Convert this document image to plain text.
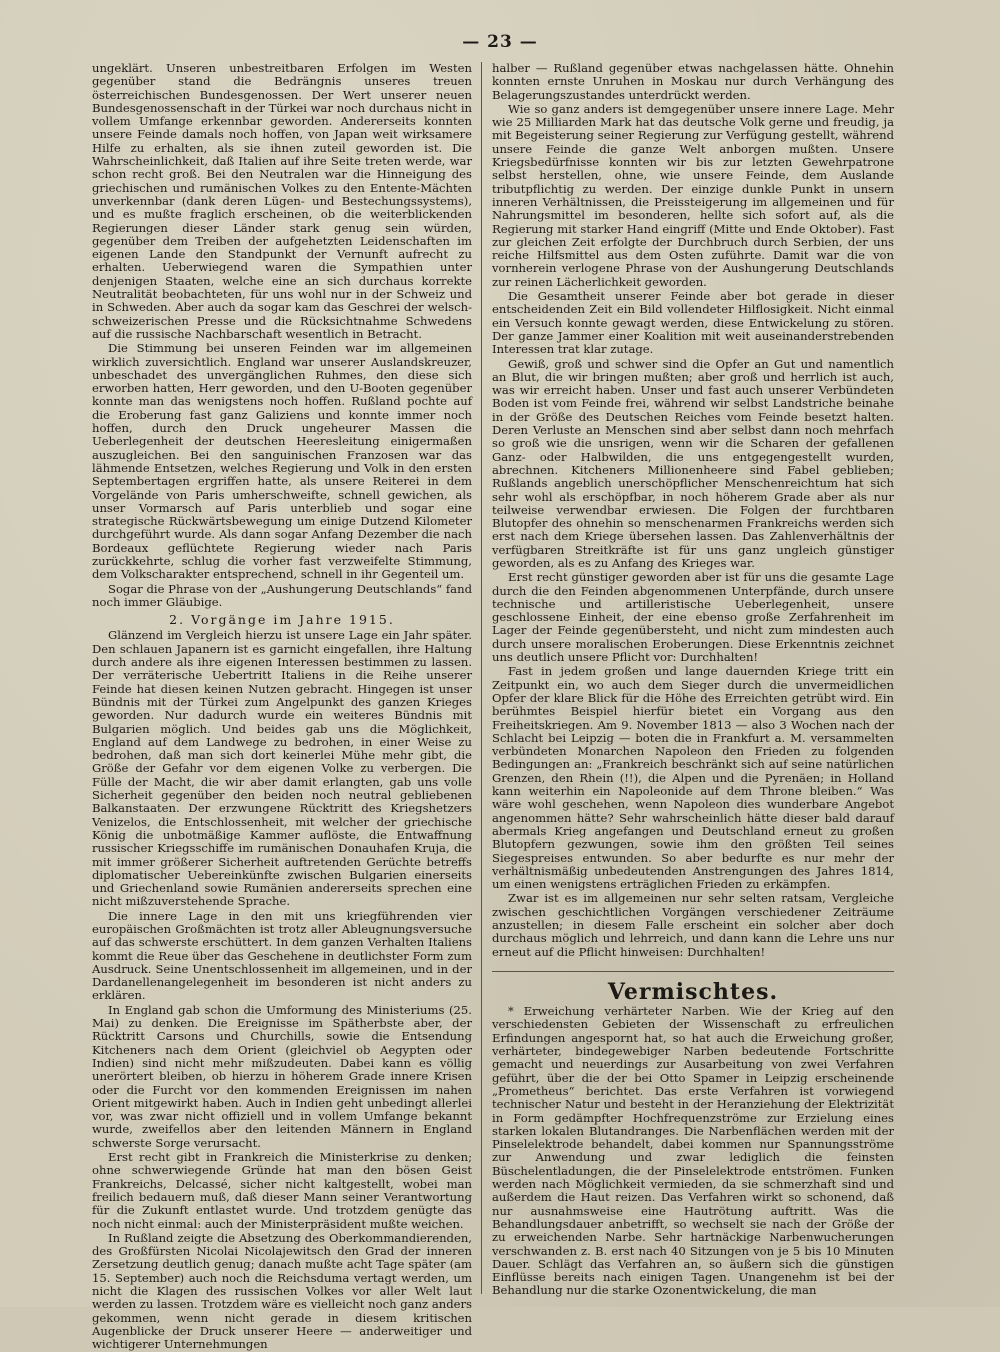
— 23 —

ungeklärt. Unseren unbestreitbaren Erfolgen im Westen gegenüber stand die Bedrängnis unseres treuen österreichischen Bundesgenossen. Der Wert unserer neuen Bundesgenossenschaft in der Türkei war noch durchaus nicht in vollem Umfange erkennbar geworden. Andererseits konnten unsere Feinde damals noch hoffen, von Japan weit wirksamere Hilfe zu erhalten, als sie ihnen zuteil geworden ist. Die Wahrscheinlichkeit, daß Italien auf ihre Seite treten werde, war schon recht groß. Bei den Neutralen war die Hinneigung des griechischen und rumänischen Volkes zu den Entente-Mächten unverkennbar (dank deren Lügen- und Bestechungssystems), und es mußte fraglich erscheinen, ob die weiterblickenden Regierungen dieser Länder stark genug sein würden, gegenüber dem Treiben der aufgehetzten Leidenschaften im eigenen Lande den Standpunkt der Vernunft aufrecht zu erhalten. Ueberwiegend waren die Sympathien unter denjenigen Staaten, welche eine an sich durchaus korrekte Neutralität beobachteten, für uns wohl nur in der Schweiz und in Schweden. Aber auch da sogar kam das Geschrei der welsch-schweizerischen Presse und die Rücksichtnahme Schwedens auf die russische Nachbarschaft wesentlich in Betracht.

Die Stimmung bei unseren Feinden war im allgemeinen wirklich zuversichtlich. England war unserer Auslandskreuzer, unbeschadet des unvergänglichen Ruhmes, den diese sich erworben hatten, Herr geworden, und den U-Booten gegenüber konnte man das wenigstens noch hoffen. Rußland pochte auf die Eroberung fast ganz Galiziens und konnte immer noch hoffen, durch den Druck ungeheurer Massen die Ueberlegenheit der deutschen Heeresleitung einigermaßen auszugleichen. Bei den sanguinischen Franzosen war das lähmende Entsetzen, welches Regierung und Volk in den ersten Septembertagen ergriffen hatte, als unsere Reiterei in dem Vorgelände von Paris umherschweifte, schnell gewichen, als unser Vormarsch auf Paris unterblieb und sogar eine strategische Rückwärtsbewegung um einige Dutzend Kilometer durchgeführt wurde. Als dann sogar Anfang Dezember die nach Bordeaux geflüchtete Regierung wieder nach Paris zurückkehrte, schlug die vorher fast verzweifelte Stimmung, dem Volkscharakter entsprechend, schnell in ihr Gegenteil um.

Sogar die Phrase von der „Aushungerung Deutschlands“ fand noch immer Gläubige.

2. Vorgänge im Jahre 1915.

Glänzend im Vergleich hierzu ist unsere Lage ein Jahr später. Den schlauen Japanern ist es garnicht eingefallen, ihre Haltung durch andere als ihre eigenen Interessen bestimmen zu lassen. Der verräterische Uebertritt Italiens in die Reihe unserer Feinde hat diesen keinen Nutzen gebracht. Hingegen ist unser Bündnis mit der Türkei zum Angelpunkt des ganzen Krieges geworden. Nur dadurch wurde ein weiteres Bündnis mit Bulgarien möglich. Und beides gab uns die Möglichkeit, England auf dem Landwege zu bedrohen, in einer Weise zu bedrohen, daß man sich dort keinerlei Mühe mehr gibt, die Größe der Gefahr vor dem eigenen Volke zu verbergen. Die Fülle der Macht, die wir aber damit erlangten, gab uns volle Sicherheit gegenüber den beiden noch neutral gebliebenen Balkanstaaten. Der erzwungene Rücktritt des Kriegshetzers Venizelos, die Entschlossenheit, mit welcher der griechische König die unbotmäßige Kammer auflöste, die Entwaffnung russischer Kriegsschiffe im rumänischen Donauhafen Kruja, die mit immer größerer Sicherheit auftretenden Gerüchte betreffs diplomatischer Uebereinkünfte zwischen Bulgarien einerseits und Griechenland sowie Rumänien andererseits sprechen eine nicht mißzuverstehende Sprache.

Die innere Lage in den mit uns kriegführenden vier europäischen Großmächten ist trotz aller Ableugnungsversuche auf das schwerste erschüttert. In dem ganzen Verhalten Italiens kommt die Reue über das Geschehene in deutlichster Form zum Ausdruck. Seine Unentschlossenheit im allgemeinen, und in der Dardanellenangelegenheit im besonderen ist nicht anders zu erklären.

In England gab schon die Umformung des Ministeriums (25. Mai) zu denken. Die Ereignisse im Spätherbste aber, der Rücktritt Carsons und Churchills, sowie die Entsendung Kitcheners nach dem Orient (gleichviel ob Aegypten oder Indien) sind nicht mehr mißzudeuten. Dabei kann es völlig unerörtert bleiben, ob hierzu in höherem Grade innere Krisen oder die Furcht vor den kommenden Ereignissen im nahen Orient mitgewirkt haben. Auch in Indien geht unbedingt allerlei vor, was zwar nicht offiziell und in vollem Umfange bekannt wurde, zweifellos aber den leitenden Männern in England schwerste Sorge verursacht.

Erst recht gibt in Frankreich die Ministerkrise zu denken; ohne schwerwiegende Gründe hat man den bösen Geist Frankreichs, Delcassé, sicher nicht kaltgestellt, wobei man freilich bedauern muß, daß dieser Mann seiner Verantwortung für die Zukunft entlastet wurde. Und trotzdem genügte das noch nicht einmal: auch der Ministerpräsident mußte weichen.

In Rußland zeigte die Absetzung des Oberkommandierenden, des Großfürsten Nicolai Nicolajewitsch den Grad der inneren Zersetzung deutlich genug; danach mußte acht Tage später (am 15. September) auch noch die Reichsduma vertagt werden, um nicht die Klagen des russischen Volkes vor aller Welt laut werden zu lassen. Trotzdem wäre es vielleicht noch ganz anders gekommen, wenn nicht gerade in diesem kritischen Augenblicke der Druck unserer Heere — anderweitiger und wichtigerer Unternehmungen

halber — Rußland gegenüber etwas nachgelassen hätte. Ohnehin konnten ernste Unruhen in Moskau nur durch Verhängung des Belagerungszustandes unterdrückt werden.

Wie so ganz anders ist demgegenüber unsere innere Lage. Mehr wie 25 Milliarden Mark hat das deutsche Volk gerne und freudig, ja mit Begeisterung seiner Regierung zur Verfügung gestellt, während unsere Feinde die ganze Welt anborgen mußten. Unsere Kriegsbedürfnisse konnten wir bis zur letzten Gewehrpatrone selbst herstellen, ohne, wie unsere Feinde, dem Auslande tributpflichtig zu werden. Der einzige dunkle Punkt in unsern inneren Verhältnissen, die Preissteigerung im allgemeinen und für Nahrungsmittel im besonderen, hellte sich sofort auf, als die Regierung mit starker Hand eingriff (Mitte und Ende Oktober). Fast zur gleichen Zeit erfolgte der Durchbruch durch Serbien, der uns reiche Hilfsmittel aus dem Osten zuführte. Damit war die von vornherein verlogene Phrase von der Aushungerung Deutschlands zur reinen Lächerlichkeit geworden.

Die Gesamtheit unserer Feinde aber bot gerade in dieser entscheidenden Zeit ein Bild vollendeter Hilflosigkeit. Nicht einmal ein Versuch konnte gewagt werden, diese Entwickelung zu stören. Der ganze Jammer einer Koalition mit weit auseinanderstrebenden Interessen trat klar zutage.

Gewiß, groß und schwer sind die Opfer an Gut und namentlich an Blut, die wir bringen mußten; aber groß und herrlich ist auch, was wir erreicht haben. Unser und fast auch unserer Verbündeten Boden ist vom Feinde frei, während wir selbst Landstriche beinahe in der Größe des Deutschen Reiches vom Feinde besetzt halten. Deren Verluste an Menschen sind aber selbst dann noch mehrfach so groß wie die unsrigen, wenn wir die Scharen der gefallenen Ganz- oder Halbwilden, die uns entgegengestellt wurden, abrechnen. Kitcheners Millionenheere sind Fabel geblieben; Rußlands angeblich unerschöpflicher Menschenreichtum hat sich sehr wohl als erschöpfbar, in noch höherem Grade aber als nur teilweise verwendbar erwiesen. Die Folgen der furchtbaren Blutopfer des ohnehin so menschenarmen Frankreichs werden sich erst nach dem Kriege übersehen lassen. Das Zahlenverhältnis der verfügbaren Streitkräfte ist für uns ganz ungleich günstiger geworden, als es zu Anfang des Krieges war.

Erst recht günstiger geworden aber ist für uns die gesamte Lage durch die den Feinden abgenommenen Unterpfände, durch unsere technische und artilleristische Ueberlegenheit, unsere geschlossene Einheit, der eine ebenso große Zerfahrenheit im Lager der Feinde gegenübersteht, und nicht zum mindesten auch durch unsere moralischen Eroberungen. Diese Erkenntnis zeichnet uns deutlich unsere Pflicht vor: Durchhalten!

Fast in jedem großen und lange dauernden Kriege tritt ein Zeitpunkt ein, wo auch dem Sieger durch die unvermeidlichen Opfer der klare Blick für die Höhe des Erreichten getrübt wird. Ein berühmtes Beispiel hierfür bietet ein Vorgang aus den Freiheitskriegen. Am 9. November 1813 — also 3 Wochen nach der Schlacht bei Leipzig — boten die in Frankfurt a. M. versammelten verbündeten Monarchen Napoleon den Frieden zu folgenden Bedingungen an: „Frankreich beschränkt sich auf seine natürlichen Grenzen, den Rhein (!!), die Alpen und die Pyrenäen; in Holland kann weiterhin ein Napoleonide auf dem Throne bleiben.“ Was wäre wohl geschehen, wenn Napoleon dies wunderbare Angebot angenommen hätte? Sehr wahrscheinlich hätte dieser bald darauf abermals Krieg angefangen und Deutschland erneut zu großen Blutopfern gezwungen, sowie ihm den größten Teil seines Siegespreises entwunden. So aber bedurfte es nur mehr der verhältnismäßig unbedeutenden Anstrengungen des Jahres 1814, um einen wenigstens erträglichen Frieden zu erkämpfen.

Zwar ist es im allgemeinen nur sehr selten ratsam, Vergleiche zwischen geschichtlichen Vorgängen verschiedener Zeiträume anzustellen; in diesem Falle erscheint ein solcher aber doch durchaus möglich und lehrreich, und dann kann die Lehre uns nur erneut auf die Pflicht hinweisen: Durchhalten!

Vermischtes.

* Erweichung verhärteter Narben. Wie der Krieg auf den verschiedensten Gebieten der Wissenschaft zu erfreulichen Erfindungen angespornt hat, so hat auch die Erweichung großer, verhärteter, bindegewebiger Narben bedeutende Fortschritte gemacht und neuerdings zur Ausarbeitung von zwei Verfahren geführt, über die der bei Otto Spamer in Leipzig erscheinende „Prometheus“ berichtet. Das erste Verfahren ist vorwiegend technischer Natur und besteht in der Heranziehung der Elektrizität in Form gedämpfter Hochfrequenzströme zur Erzielung eines starken lokalen Blutandranges. Die Narbenflächen werden mit der Pinselelektrode behandelt, dabei kommen nur Spannungsströme zur Anwendung und zwar lediglich die feinsten Büschelentladungen, die der Pinselelektrode entströmen. Funken werden nach Möglichkeit vermieden, da sie schmerzhaft sind und außerdem die Haut reizen. Das Verfahren wirkt so schonend, daß nur ausnahmsweise eine Hautrötung auftritt. Was die Behandlungsdauer anbetrifft, so wechselt sie nach der Größe der zu erweichenden Narbe. Sehr hartnäckige Narbenwucherungen verschwanden z. B. erst nach 40 Sitzungen von je 5 bis 10 Minuten Dauer. Schlägt das Verfahren an, so äußern sich die günstigen Einflüsse bereits nach einigen Tagen. Unangenehm ist bei der Behandlung nur die starke Ozonentwickelung, die man
